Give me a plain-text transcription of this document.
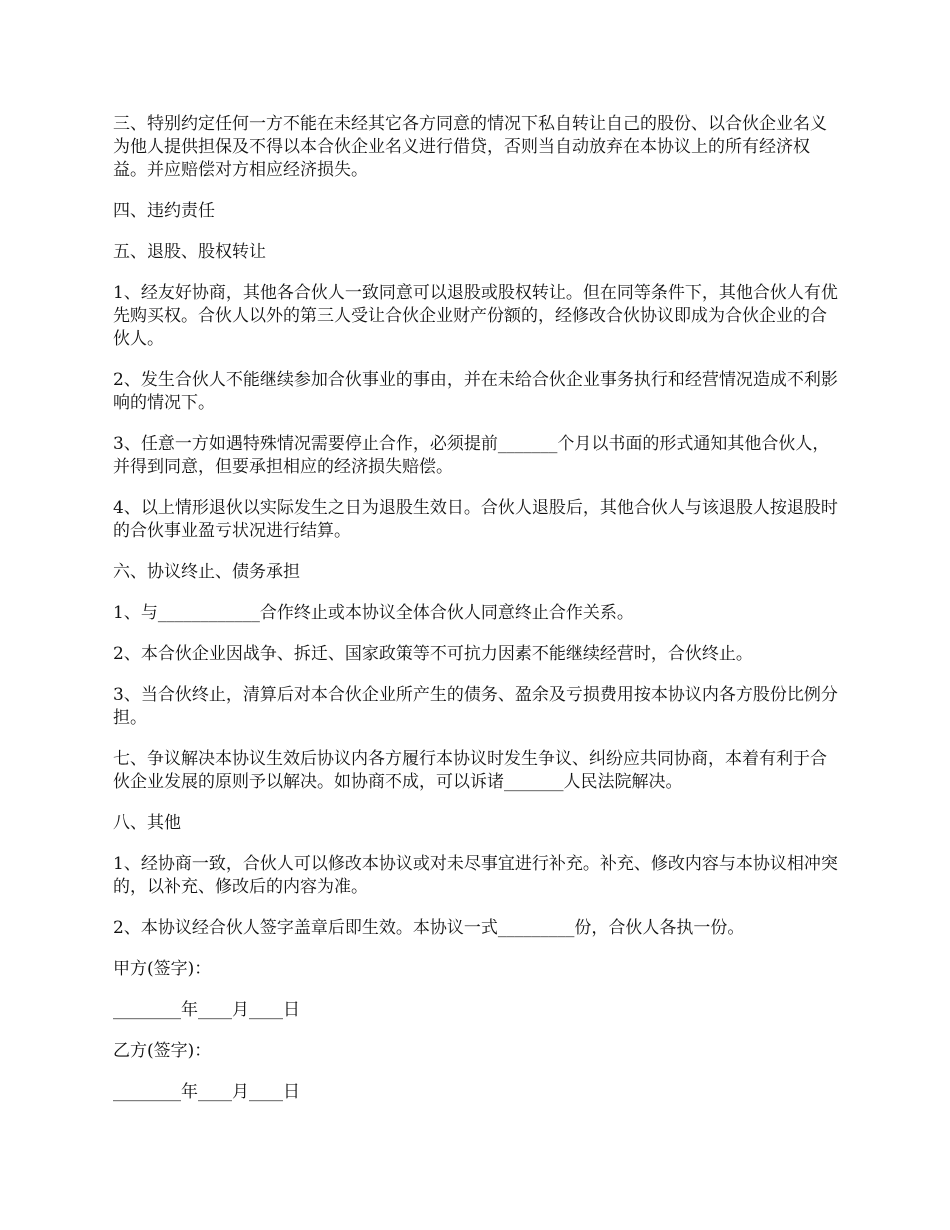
三、特别约定任何一方不能在未经其它各方同意的情况下私自转让自己的股份、以合伙企业名义为他人提供担保及不得以本合伙企业名义进行借贷，否则当自动放弃在本协议上的所有经济权益。并应赔偿对方相应经济损失。

四、违约责任

五、退股、股权转让

1、经友好协商，其他各合伙人一致同意可以退股或股权转让。但在同等条件下，其他合伙人有优先购买权。合伙人以外的第三人受让合伙企业财产份额的，经修改合伙协议即成为合伙企业的合伙人。

2、发生合伙人不能继续参加合伙事业的事由，并在未给合伙企业事务执行和经营情况造成不利影响的情况下。

3、任意一方如遇特殊情况需要停止合作，必须提前_______个月以书面的形式通知其他合伙人，并得到同意，但要承担相应的经济损失赔偿。

4、以上情形退伙以实际发生之日为退股生效日。合伙人退股后，其他合伙人与该退股人按退股时的合伙事业盈亏状况进行结算。

六、协议终止、债务承担

1、与____________合作终止或本协议全体合伙人同意终止合作关系。

2、本合伙企业因战争、拆迁、国家政策等不可抗力因素不能继续经营时，合伙终止。

3、当合伙终止，清算后对本合伙企业所产生的债务、盈余及亏损费用按本协议内各方股份比例分担。

七、争议解决本协议生效后协议内各方履行本协议时发生争议、纠纷应共同协商，本着有利于合伙企业发展的原则予以解决。如协商不成，可以诉诸_______人民法院解决。

八、其他

1、经协商一致，合伙人可以修改本协议或对未尽事宜进行补充。补充、修改内容与本协议相冲突的，以补充、修改后的内容为准。

2、本协议经合伙人签字盖章后即生效。本协议一式_________份，合伙人各执一份。

甲方(签字)：
________年____月____日
乙方(签字)：
________年____月____日
